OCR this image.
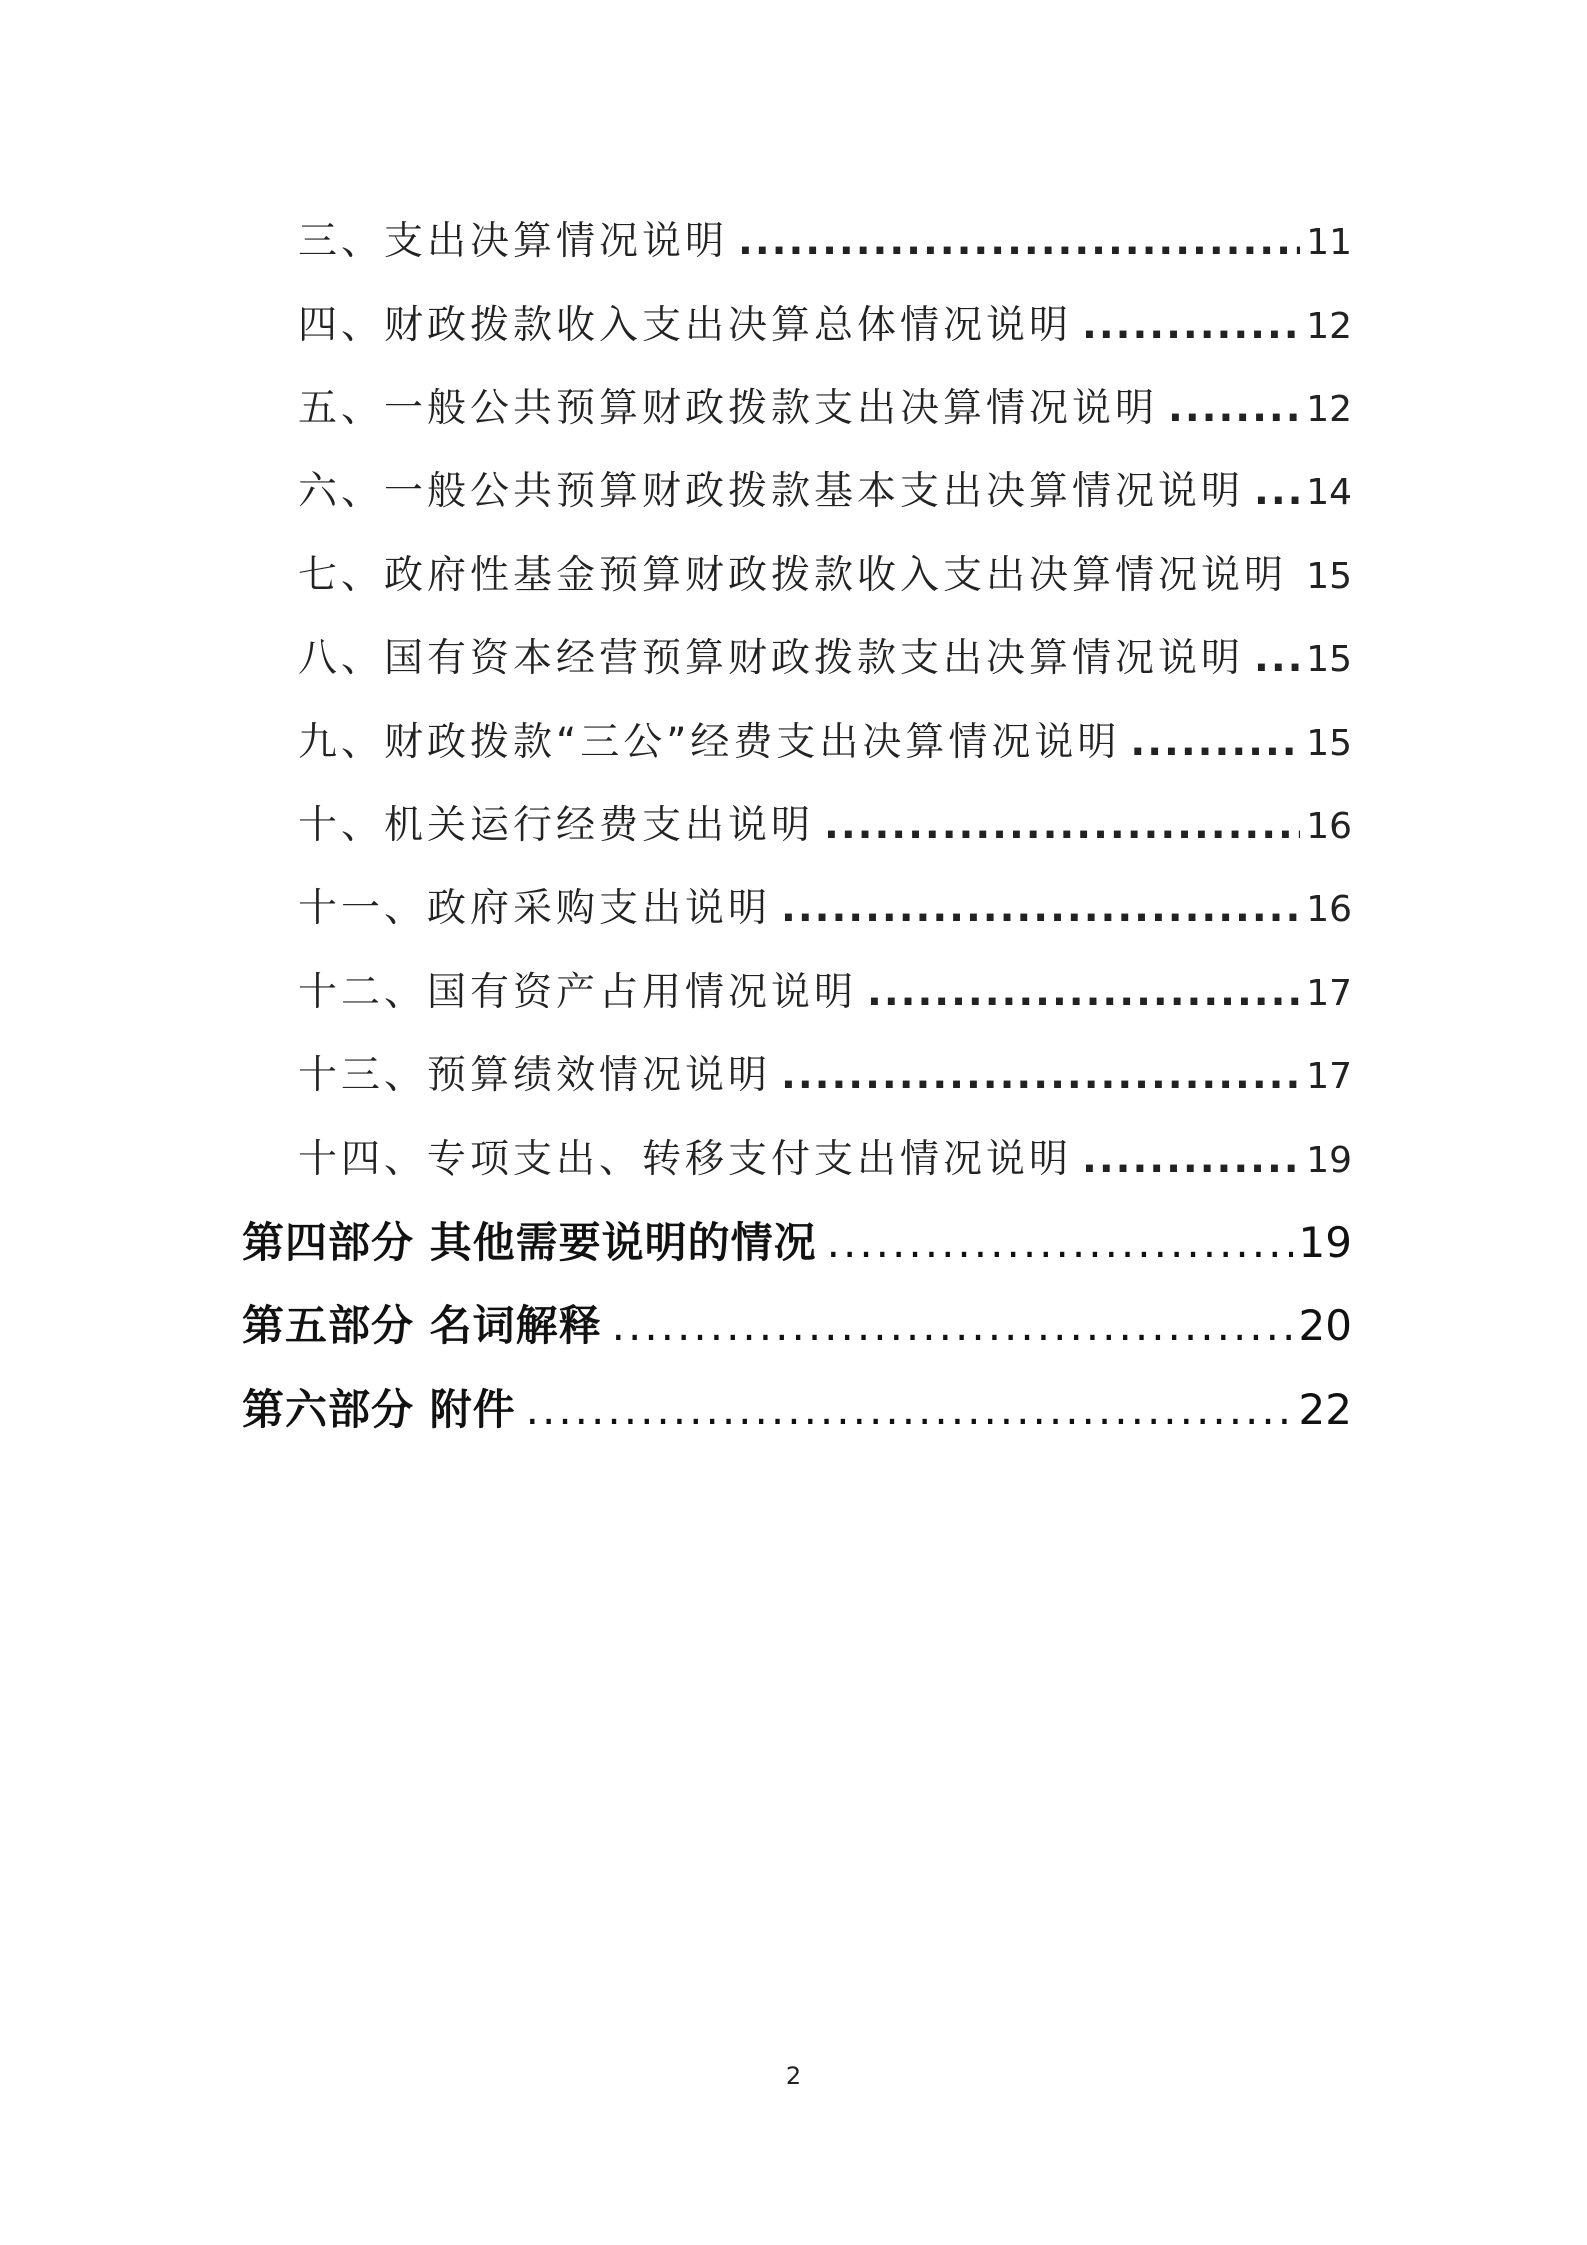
三、支出决算情况说明 .....	11
四、财政拨款收入支出决算总体情况说明 .....	12
五、一般公共预算财政拨款支出决算情况说明 .....	12
六、一般公共预算财政拨款基本支出决算情况说明 ..... 14
七、政府性基金预算财政拨款收入支出决算情况说明 ..... 15
八、国有资本经营预算财政拨款支出决算情况说明 ..... 15
九、财政拨款“三公”经费支出决算情况说明 .....	15
十、机关运行经费支出说明 .....	16
十一、政府采购支出说明 .....	16
十二、国有资产占用情况说明 .....	17
十三、预算绩效情况说明 .....	17
十四、专项支出、转移支付支出情况说明 .....	19
第四部分 其他需要说明的情况 .....	19
第五部分 名词解释 .....	20
第六部分 附件 .....	22
2
